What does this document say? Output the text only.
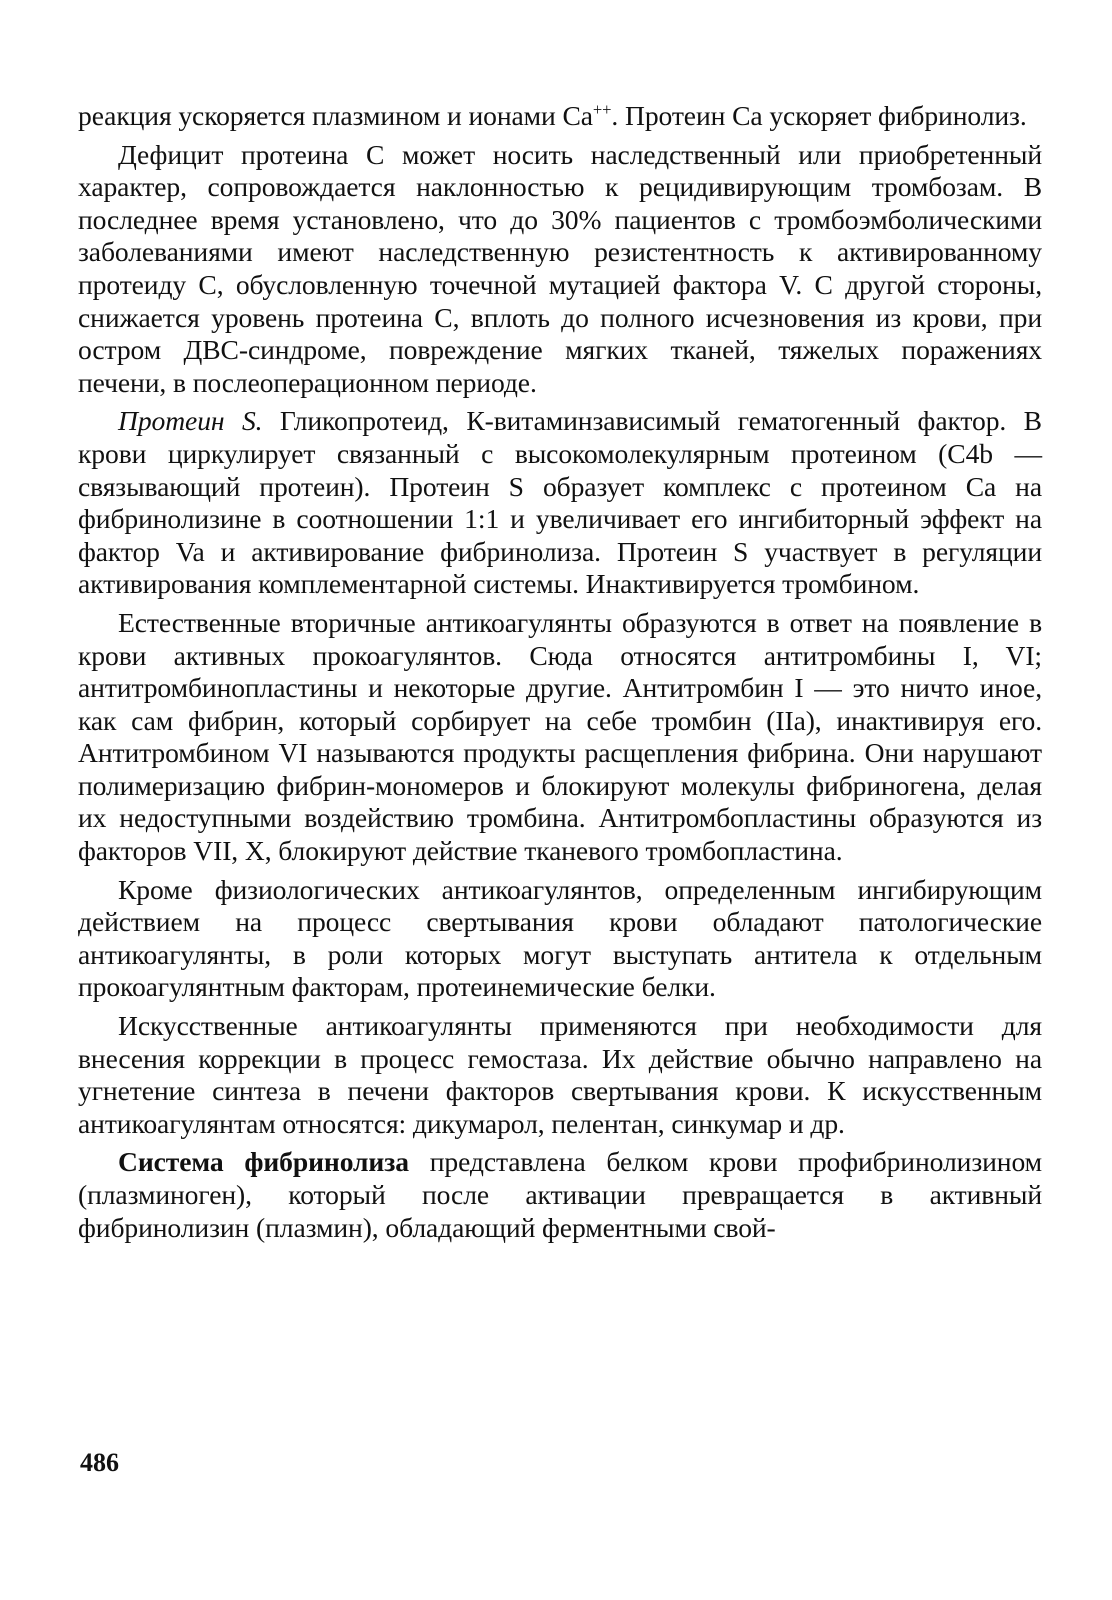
реакция ускоряется плазмином и ионами Са++. Протеин Са ускоряет фибринолиз.

Дефицит протеина С может носить наследственный или приобретенный характер, сопровождается наклонностью к рецидивирующим тромбозам. В последнее время установлено, что до 30% пациентов с тромбоэмболическими заболеваниями имеют наследственную резистентность к активированному протеиду С, обусловленную точечной мутацией фактора V. С другой стороны, снижается уровень протеина С, вплоть до полного исчезновения из крови, при остром ДВС-синдроме, повреждение мягких тканей, тяжелых поражениях печени, в послеоперационном периоде.

Протеин S. Гликопротеид, К-витаминзависимый гематогенный фактор. В крови циркулирует связанный с высокомолекулярным протеином (С4b — связывающий протеин). Протеин S образует комплекс с протеином Са на фибринолизине в соотношении 1:1 и увеличивает его ингибиторный эффект на фактор Va и активирование фибринолиза. Протеин S участвует в регуляции активирования комплементарной системы. Инактивируется тромбином.

Естественные вторичные антикоагулянты образуются в ответ на появление в крови активных прокоагулянтов. Сюда относятся антитромбины I, VI; антитромбинопластины и некоторые другие. Антитромбин I — это ничто иное, как сам фибрин, который сорбирует на себе тромбин (IIа), инактивируя его. Антитромбином VI называются продукты расщепления фибрина. Они нарушают полимеризацию фибрин-мономеров и блокируют молекулы фибриногена, делая их недоступными воздействию тромбина. Антитромбопластины образуются из факторов VII, X, блокируют действие тканевого тромбопластина.

Кроме физиологических антикоагулянтов, определенным ингибирующим действием на процесс свертывания крови обладают патологические антикоагулянты, в роли которых могут выступать антитела к отдельным прокоагулянтным факторам, протеинемические белки.

Искусственные антикоагулянты применяются при необходимости для внесения коррекции в процесс гемостаза. Их действие обычно направлено на угнетение синтеза в печени факторов свертывания крови. К искусственным антикоагулянтам относятся: дикумарол, пелентан, синкумар и др.

Система фибринолиза представлена белком крови профибринолизином (плазминоген), который после активации превращается в активный фибринолизин (плазмин), обладающий ферментными свой-

486
